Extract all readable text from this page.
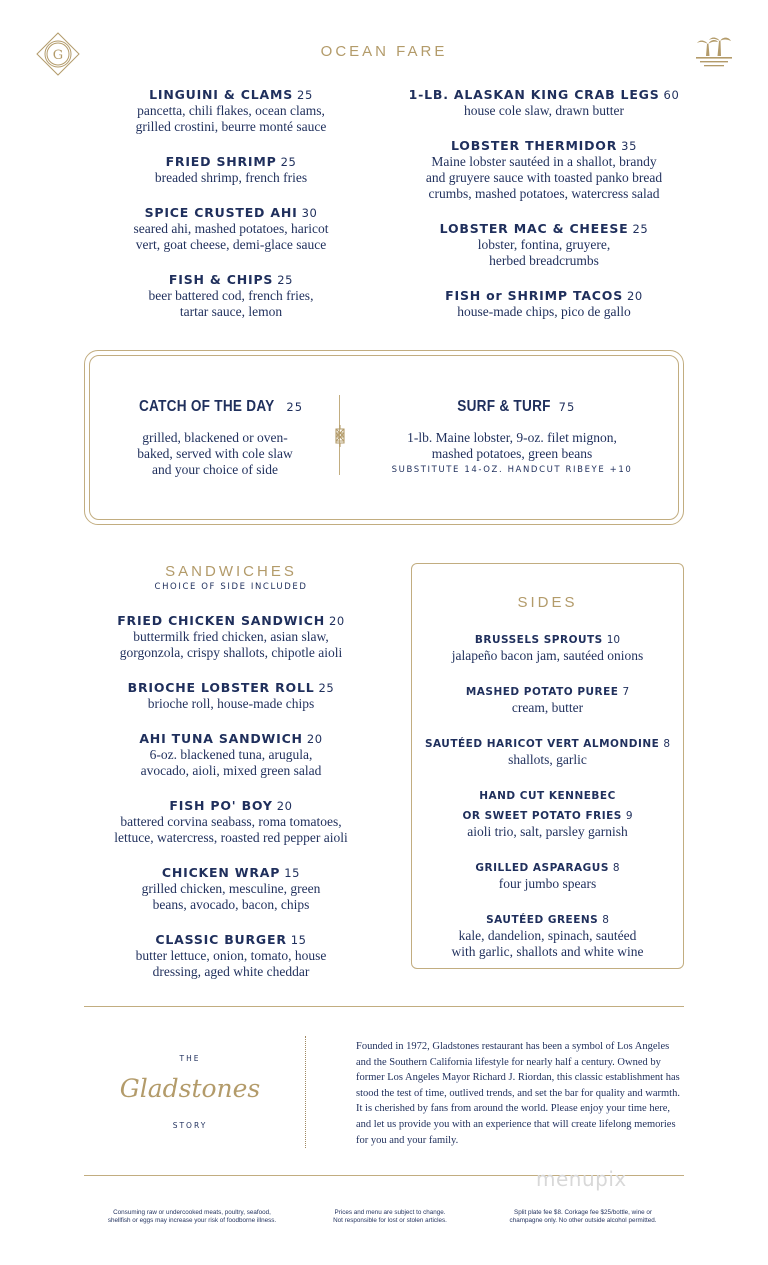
G	OCEAN FARE
LINGUINI & CLAMS 25
pancetta, chili flakes, ocean clams,
grilled crostini, beurre monté sauce
FRIED SHRIMP 25
breaded shrimp, french fries
SPICE CRUSTED AHI 30
seared ahi, mashed potatoes, haricot
vert, goat cheese, demi-glace sauce
FISH & CHIPS 25
beer battered cod, french fries,
tartar sauce, lemon
1-LB. ALASKAN KING CRAB LEGS 60
house cole slaw, drawn butter
LOBSTER THERMIDOR 35
Maine lobster sautéed in a shallot, brandy
and gruyere sauce with toasted panko bread
crumbs, mashed potatoes, watercress salad
LOBSTER MAC & CHEESE 25
lobster, fontina, gruyere,
herbed breadcrumbs
FISH or SHRIMP TACOS 20
house-made chips, pico de gallo
CATCH OF THE DAY 25
grilled, blackened or oven-
baked, served with cole slaw
and your choice of side
SURF & TURF 75
1-lb. Maine lobster, 9-oz. filet mignon,
mashed potatoes, green beans
SUBSTITUTE 14-OZ. HANDCUT RIBEYE +10
SANDWICHES
CHOICE OF SIDE INCLUDED
FRIED CHICKEN SANDWICH 20
buttermilk fried chicken, asian slaw,
gorgonzola, crispy shallots, chipotle aioli
BRIOCHE LOBSTER ROLL 25
brioche roll, house-made chips
AHI TUNA SANDWICH 20
6-oz. blackened tuna, arugula,
avocado, aioli, mixed green salad
FISH PO' BOY 20
battered corvina seabass, roma tomatoes,
lettuce, watercress, roasted red pepper aioli
CHICKEN WRAP 15
grilled chicken, mesculine, green
beans, avocado, bacon, chips
CLASSIC BURGER 15
butter lettuce, onion, tomato, house
dressing, aged white cheddar
SIDES
BRUSSELS SPROUTS 10
jalapeño bacon jam, sautéed onions
MASHED POTATO PUREE 7
cream, butter
SAUTÉED HARICOT VERT ALMONDINE 8
shallots, garlic
HAND CUT KENNEBEC
OR SWEET POTATO FRIES 9
aioli trio, salt, parsley garnish
GRILLED ASPARAGUS 8
four jumbo spears
SAUTÉED GREENS 8
kale, dandelion, spinach, sautéed
with garlic, shallots and white wine
THE
Gladstones
STORY
Founded in 1972, Gladstones restaurant has been a symbol of Los Angeles and the Southern California lifestyle for nearly half a century. Owned by former Los Angeles Mayor Richard J. Riordan, this classic establishment has stood the test of time, outlived trends, and set the bar for quality and warmth. It is cherished by fans from around the world. Please enjoy your time here, and let us provide you with an experience that will create lifelong memories for you and your family.
menupix
Consuming raw or undercooked meats, poultry, seafood,
shellfish or eggs may increase your risk of foodborne illness.
Prices and menu are subject to change.
Not responsible for lost or stolen articles.
Split plate fee $8. Corkage fee $25/bottle, wine or
champagne only. No other outside alcohol permitted.
